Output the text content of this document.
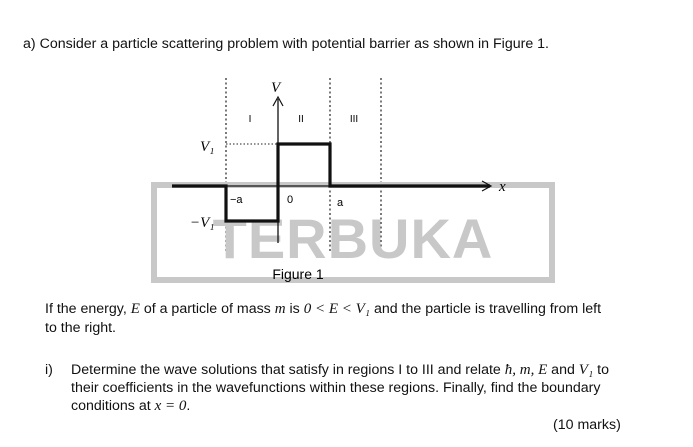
a) Consider a particle scattering problem with potential barrier as shown in Figure 1.
TERBUKA
x
V
I	II	III
V₁
−V₁
−a	0	a
Figure 1
If the energy, E of a particle of mass m is 0 < E < V₁ and the particle is travelling from left
to the right.
i) Determine the wave solutions that satisfy in regions I to III and relate ħ, m, E and V₁ to
their coefficients in the wavefunctions within these regions. Finally, find the boundary
conditions at x = 0.
(10 marks)
